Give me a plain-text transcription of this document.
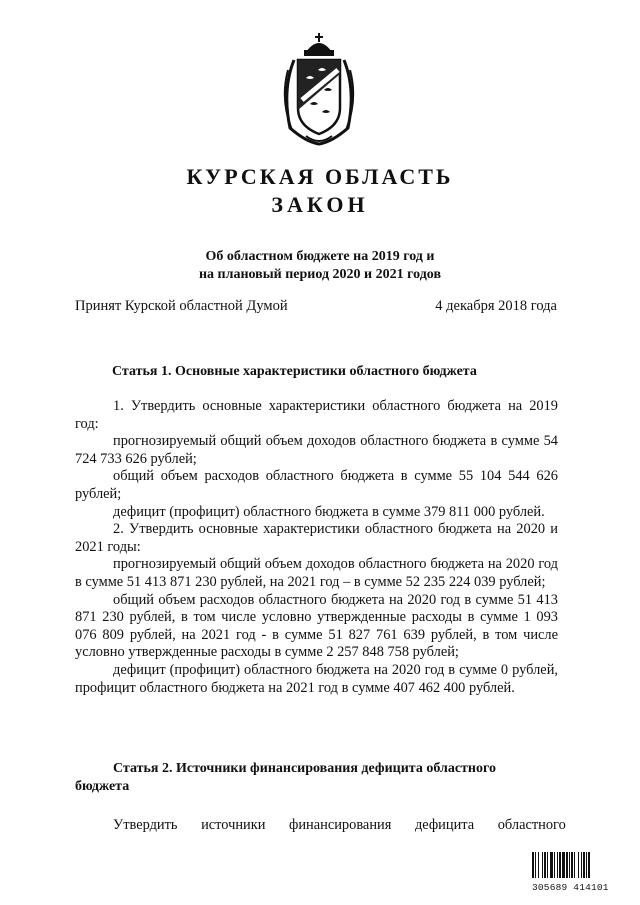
КУРСКАЯ ОБЛАСТЬ
ЗАКОН
Об областном бюджете на 2019 год и
на плановый период 2020 и 2021 годов
Принят Курской областной Думой	4 декабря 2018 года
Статья 1. Основные характеристики областного бюджета

1. Утвердить основные характеристики областного бюджета на 2019 год:

прогнозируемый общий объем доходов областного бюджета в сумме 54 724 733 626 рублей;

общий объем расходов областного бюджета в сумме 55 104 544 626 рублей;

дефицит (профицит) областного бюджета в сумме 379 811 000 рублей.

2. Утвердить основные характеристики областного бюджета на 2020 и 2021 годы:

прогнозируемый общий объем доходов областного бюджета на 2020 год в сумме 51 413 871 230 рублей, на 2021 год – в сумме 52 235 224 039 рублей;

общий объем расходов областного бюджета на 2020 год в сумме 51 413 871 230 рублей, в том числе условно утвержденные расходы в сумме 1 093 076 809 рублей, на 2021 год - в сумме 51 827 761 639 рублей, в том числе условно утвержденные расходы в сумме 2 257 848 758 рублей;

дефицит (профицит) областного бюджета на 2020 год в сумме 0 рублей, профицит областного бюджета на 2021 год в сумме 407 462 400 рублей.

Статья 2. Источники финансирования дефицита областного
бюджета
Утвердить источники финансирования дефицита областного
305689 414101
